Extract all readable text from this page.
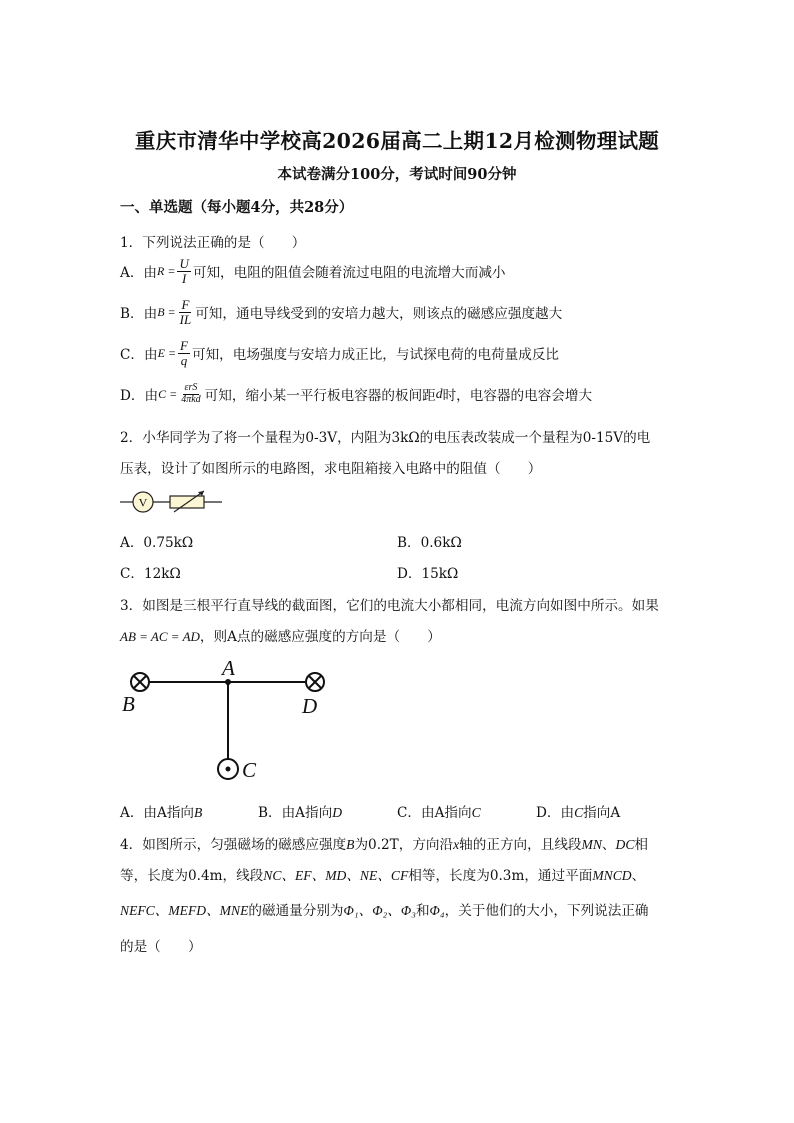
重庆市清华中学校高2026届高二上期12月检测物理试题
本试卷满分100分，考试时间90分钟
一、单选题（每小题4分，共28分）
1．下列说法正确的是（　　）
A．由 $R = \frac{U}{I}$ 可知，电阻的阻值会随着流过电阻的电流增大而减小
B．由 $B = \frac{F}{IL}$ 可知，通电导线受到的安培力越大，则该点的磁感应强度越大
C．由 $E = \frac{F}{q}$ 可知，电场强度与安培力成正比，与试探电荷的电荷量成反比
D．由 $C = \frac{\text{εrS}}{\text{4πkd}}$ 可知，缩小某一平行板电容器的板间距 d 时，电容器的电容会增大
2．小华同学为了将一个量程为0-3V，内阻为3kΩ的电压表改装成一个量程为0-15V的电
压表，设计了如图所示的电路图，求电阻箱接入电路中的阻值（　　）
V
A．0.75kΩ	B．0.6kΩ
C．12kΩ	D．15kΩ
3．如图是三根平行直导线的截面图，它们的电流大小都相同，电流方向如图中所示。如果
AB = AC = AD，则A点的磁感应强度的方向是（　　）
A
B	D
C
A．由A指向B	B．由A指向D	C．由A指向C	D．由C指向A
4．如图所示，匀强磁场的磁感应强度B为0.2T，方向沿x轴的正方向，且线段MN、DC相
等，长度为0.4m，线段NC、EF、MD、NE、CF相等，长度为0.3m，通过平面MNCD、
NEFC、MEFD、MNE的磁通量分别为Φ₁、Φ₂、Φ₃和Φ₄，关于他们的大小，下列说法正确
的是（　　）
